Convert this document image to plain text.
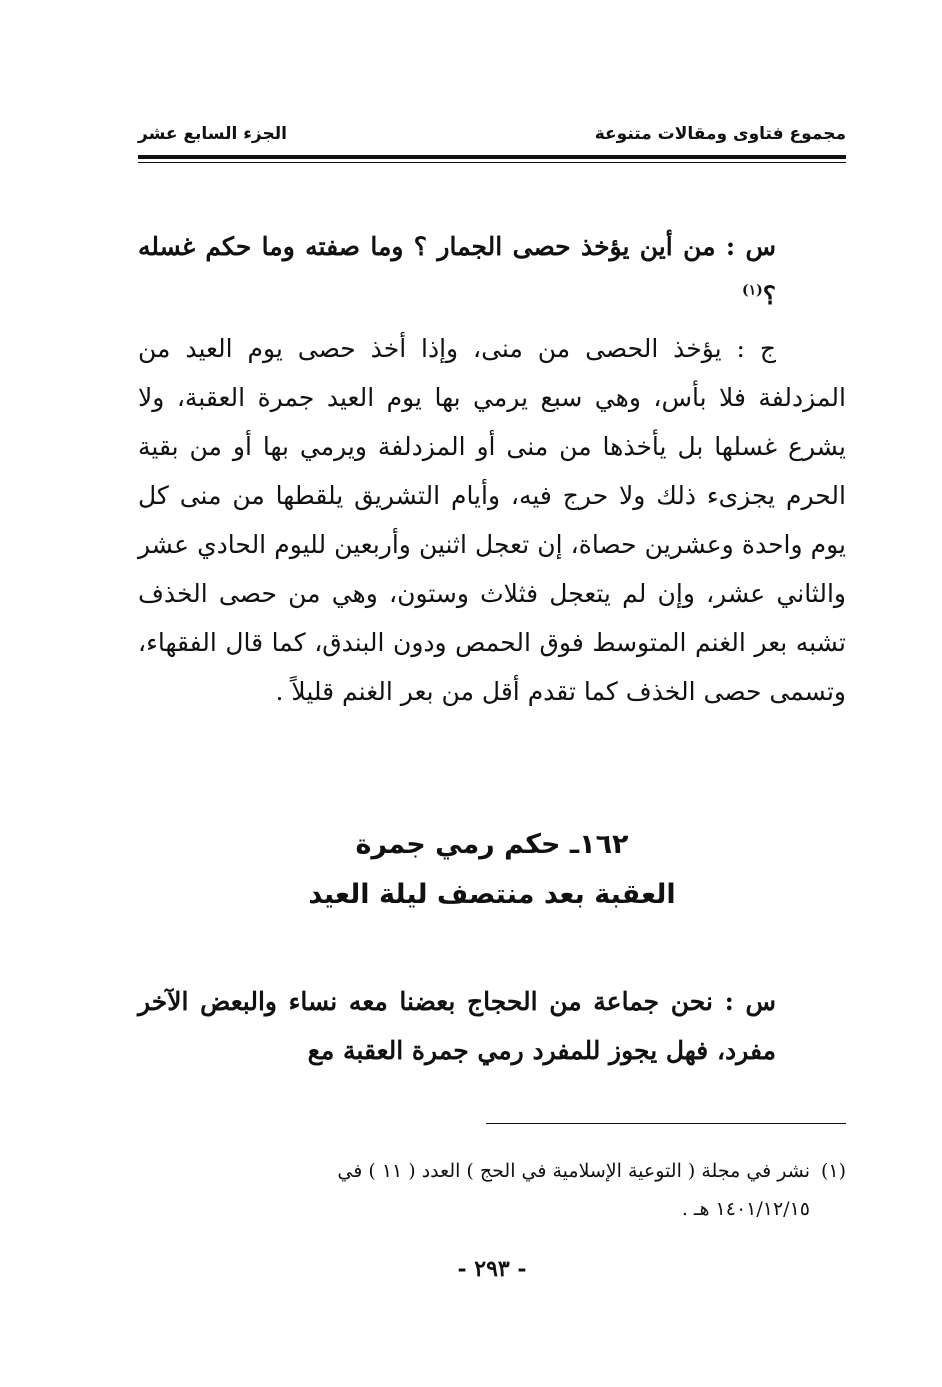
مجموع فتاوى ومقالات متنوعة
الجزء السابع عشر

س : من أين يؤخذ حصى الجمار ؟ وما صفته وما حكم غسله ؟$^{(١)}$

ج : يؤخذ الحصى من منى، وإذا أخذ حصى يوم العيد من المزدلفة فلا بأس، وهي سبع يرمي بها يوم العيد جمرة العقبة، ولا يشرع غسلها بل يأخذها من منى أو المزدلفة ويرمي بها أو من بقية الحرم يجزىء ذلك ولا حرج فيه، وأيام التشريق يلقطها من منى كل يوم واحدة وعشرين حصاة، إن تعجل اثنين وأربعين لليوم الحادي عشر والثاني عشر، وإن لم يتعجل فثلاث وستون، وهي من حصى الخذف تشبه بعر الغنم المتوسط فوق الحمص ودون البندق، كما قال الفقهاء، وتسمى حصى الخذف كما تقدم أقل من بعر الغنم قليلاً .

١٦٢ـ حكم رمي جمرة
العقبة بعد منتصف ليلة العيد

س : نحن جماعة من الحجاج بعضنا معه نساء والبعض الآخر مفرد، فهل يجوز للمفرد رمي جمرة العقبة مع

(١)نشر في مجلة ( التوعية الإسلامية في الحج ) العدد ( ١١ ) في
١٤٠١/١٢/١٥ هـ .

- ٢٩٣ -
